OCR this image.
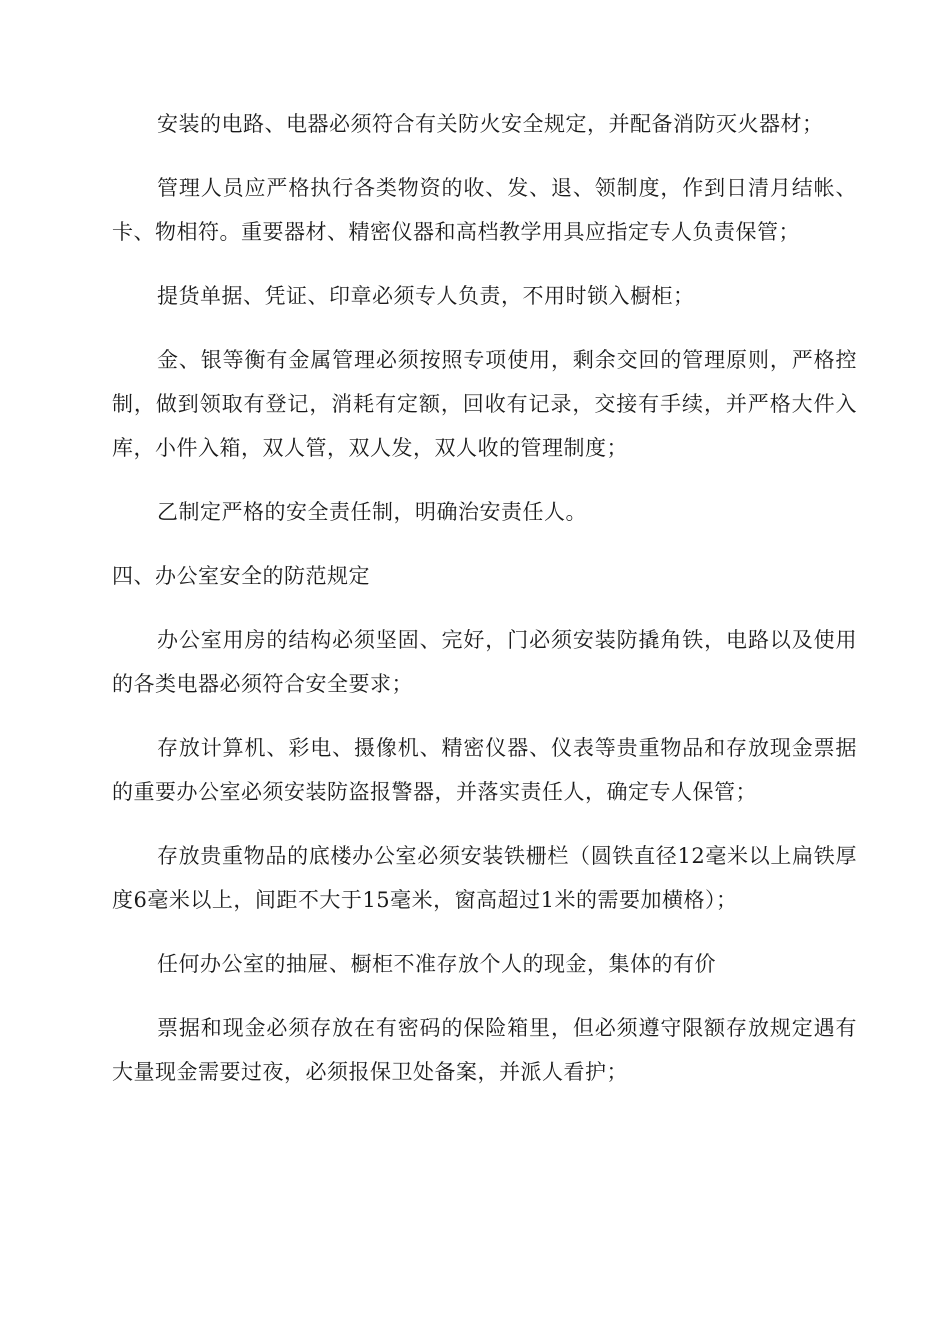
安装的电路、电器必须符合有关防火安全规定，并配备消防灭火器材；

管理人员应严格执行各类物资的收、发、退、领制度，作到日清月结帐、卡、物相符。重要器材、精密仪器和高档教学用具应指定专人负责保管；

提货单据、凭证、印章必须专人负责，不用时锁入橱柜；

金、银等衡有金属管理必须按照专项使用，剩余交回的管理原则，严格控制，做到领取有登记，消耗有定额，回收有记录，交接有手续，并严格大件入库，小件入箱，双人管，双人发，双人收的管理制度；

乙制定严格的安全责任制，明确治安责任人。

四、办公室安全的防范规定

办公室用房的结构必须坚固、完好，门必须安装防撬角铁，电路以及使用的各类电器必须符合安全要求；

存放计算机、彩电、摄像机、精密仪器、仪表等贵重物品和存放现金票据的重要办公室必须安装防盗报警器，并落实责任人，确定专人保管；

存放贵重物品的底楼办公室必须安装铁栅栏（圆铁直径12毫米以上扁铁厚度6毫米以上，间距不大于15毫米，窗高超过1米的需要加横格）；

任何办公室的抽屉、橱柜不准存放个人的现金，集体的有价

票据和现金必须存放在有密码的保险箱里，但必须遵守限额存放规定遇有大量现金需要过夜，必须报保卫处备案，并派人看护；
